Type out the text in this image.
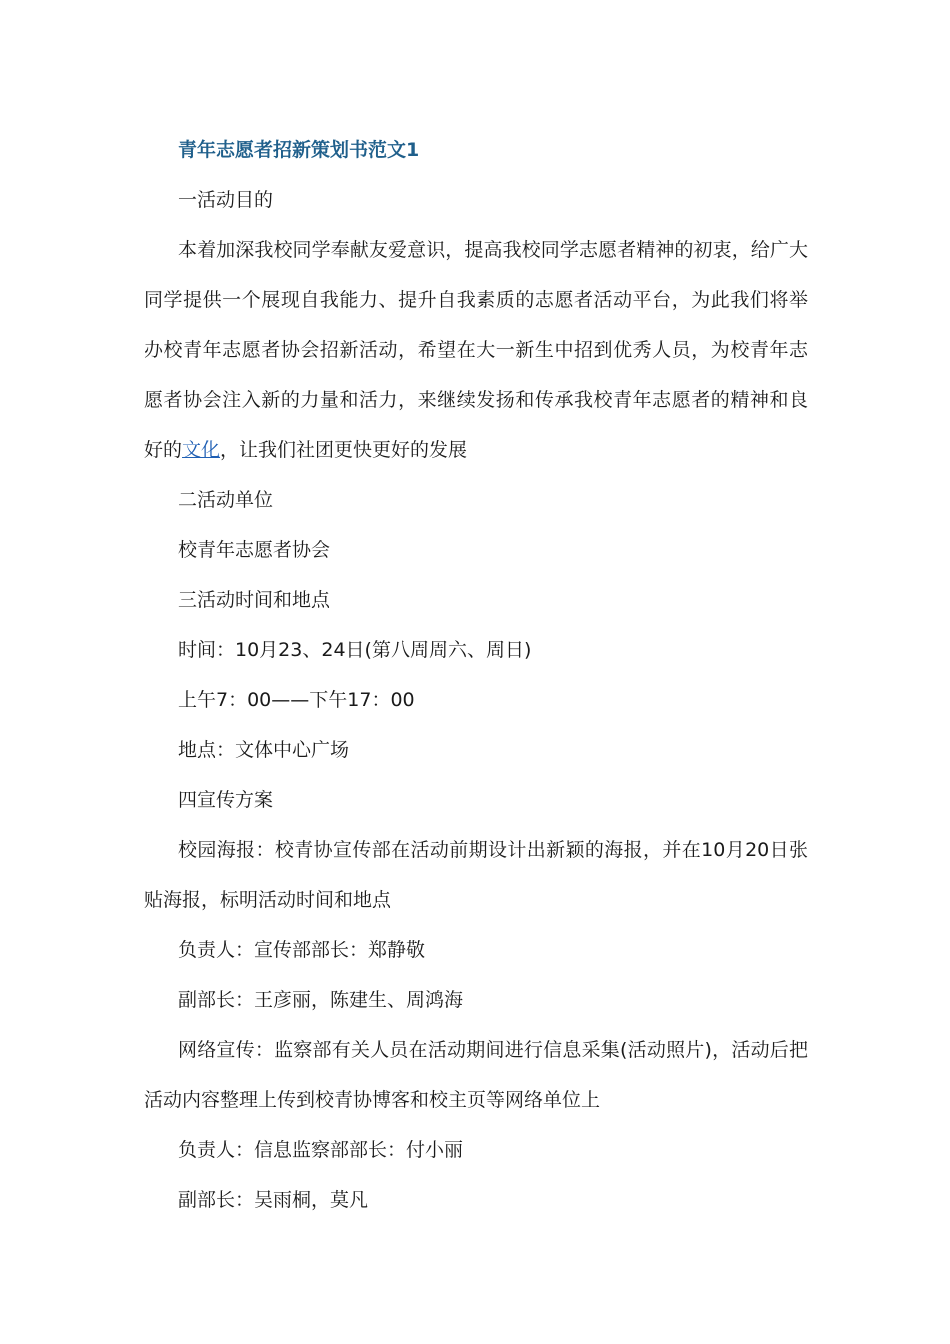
青年志愿者招新策划书范文1
一活动目的

本着加深我校同学奉献友爱意识，提高我校同学志愿者精神的初衷，给广大同学提供一个展现自我能力、提升自我素质的志愿者活动平台，为此我们将举办校青年志愿者协会招新活动，希望在大一新生中招到优秀人员，为校青年志愿者协会注入新的力量和活力，来继续发扬和传承我校青年志愿者的精神和良好的文化，让我们社团更快更好的发展

二活动单位
校青年志愿者协会
三活动时间和地点
时间：10月23、24日(第八周周六、周日)
上午7：00——下午17：00
地点：文体中心广场
四宣传方案

校园海报：校青协宣传部在活动前期设计出新颖的海报，并在10月20日张贴海报，标明活动时间和地点

负责人：宣传部部长：郑静敬
副部长：王彦丽，陈建生、周鸿海

网络宣传：监察部有关人员在活动期间进行信息采集(活动照片)，活动后把活动内容整理上传到校青协博客和校主页等网络单位上

负责人：信息监察部部长：付小丽
副部长：吴雨桐，莫凡
